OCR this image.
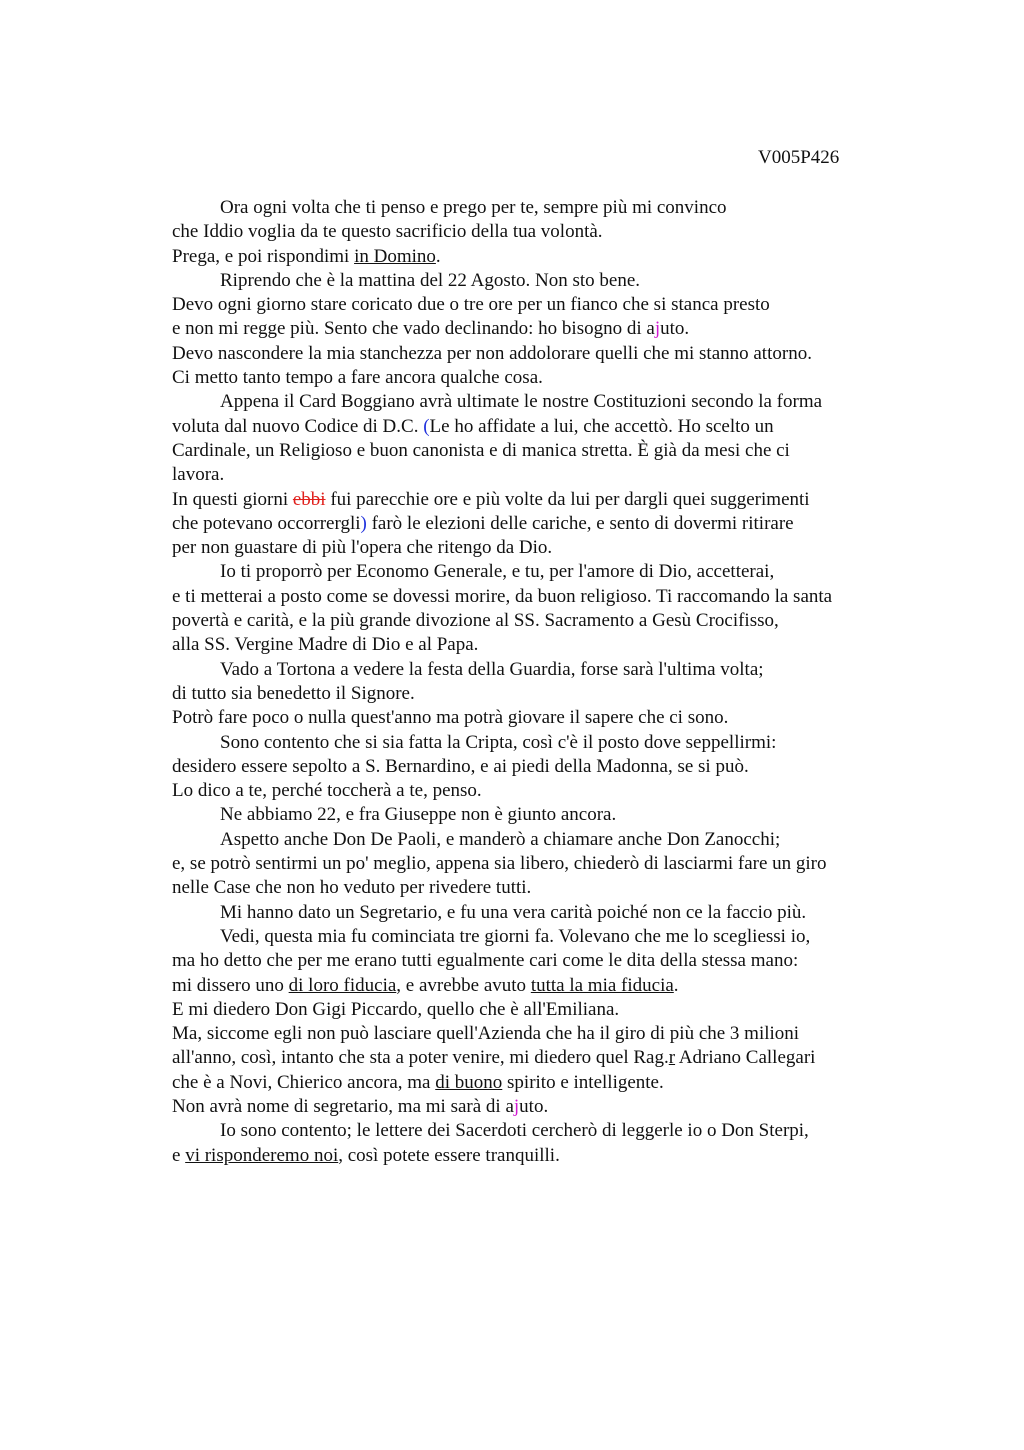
V005P426
Ora ogni volta che ti penso e prego per te, sempre più mi convinco
che Iddio voglia da te questo sacrificio della tua volontà.
Prega, e poi rispondimi in Domino.
Riprendo che è la mattina del 22 Agosto. Non sto bene.
Devo ogni giorno stare coricato due o tre ore per un fianco che si stanca presto
e non mi regge più. Sento che vado declinando: ho bisogno di ajuto.
Devo nascondere la mia stanchezza per non addolorare quelli che mi stanno attorno.
Ci metto tanto tempo a fare ancora qualche cosa.
Appena il Card Boggiano avrà ultimate le nostre Costituzioni secondo la forma
voluta dal nuovo Codice di D.C. (Le ho affidate a lui, che accettò. Ho scelto un
Cardinale, un Religioso e buon canonista e di manica stretta. È già da mesi che ci
lavora.
In questi giorni ebbi fui parecchie ore e più volte da lui per dargli quei suggerimenti
che potevano occorrergli) farò le elezioni delle cariche, e sento di dovermi ritirare
per non guastare di più l'opera che ritengo da Dio.
Io ti proporrò per Economo Generale, e tu, per l'amore di Dio, accetterai,
e ti metterai a posto come se dovessi morire, da buon religioso. Ti raccomando la santa
povertà e carità, e la più grande divozione al SS. Sacramento a Gesù Crocifisso,
alla SS. Vergine Madre di Dio e al Papa.
Vado a Tortona a vedere la festa della Guardia, forse sarà l'ultima volta;
di tutto sia benedetto il Signore.
Potrò fare poco o nulla quest'anno ma potrà giovare il sapere che ci sono.
Sono contento che si sia fatta la Cripta, così c'è il posto dove seppellirmi:
desidero essere sepolto a S. Bernardino, e ai piedi della Madonna, se si può.
Lo dico a te, perché toccherà a te, penso.
Ne abbiamo 22, e fra Giuseppe non è giunto ancora.
Aspetto anche Don De Paoli, e manderò a chiamare anche Don Zanocchi;
e, se potrò sentirmi un po' meglio, appena sia libero, chiederò di lasciarmi fare un giro
nelle Case che non ho veduto per rivedere tutti.
Mi hanno dato un Segretario, e fu una vera carità poiché non ce la faccio più.
Vedi, questa mia fu cominciata tre giorni fa. Volevano che me lo scegliessi io,
ma ho detto che per me erano tutti egualmente cari come le dita della stessa mano:
mi dissero uno di loro fiducia, e avrebbe avuto tutta la mia fiducia.
E mi diedero Don Gigi Piccardo, quello che è all'Emiliana.
Ma, siccome egli non può lasciare quell'Azienda che ha il giro di più che 3 milioni
all'anno, così, intanto che sta a poter venire, mi diedero quel Rag.r Adriano Callegari
che è a Novi, Chierico ancora, ma di buono spirito e intelligente.
Non avrà nome di segretario, ma mi sarà di ajuto.
Io sono contento; le lettere dei Sacerdoti cercherò di leggerle io o Don Sterpi,
e vi risponderemo noi, così potete essere tranquilli.
